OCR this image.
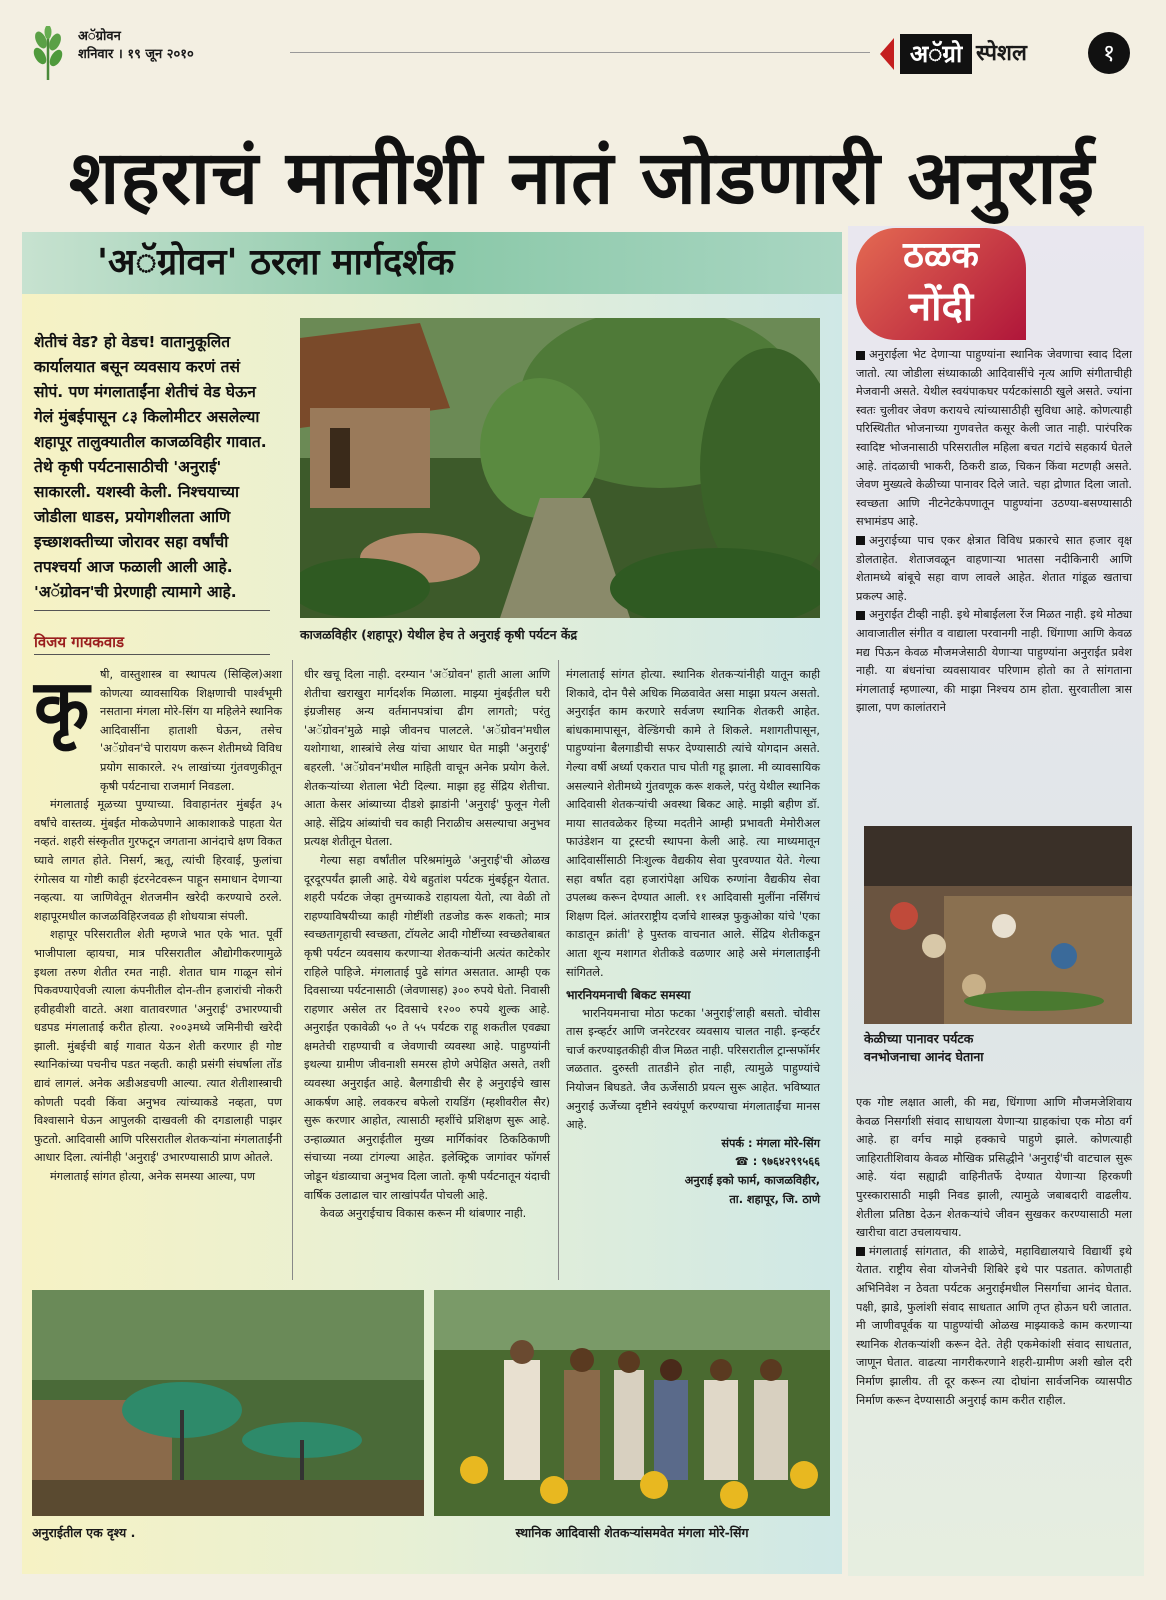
अॅग्रोवन
शनिवार । १९ जून २०१०	अॅग्रो स्पेशल	१
शहराचं मातीशी नातं जोडणारी अनुराई
'अॅग्रोवन' ठरला मार्गदर्शक	ठळक
नोंदी
शेतीचं वेड? हो वेडच! वातानुकूलित कार्यालयात बसून व्यवसाय करणं तसं सोपं. पण मंगलाताईंना शेतीचं वेड घेऊन गेलं मुंबईपासून ८३ किलोमीटर असलेल्या शहापूर तालुक्यातील काजळविहीर गावात. तेथे कृषी पर्यटनासाठीची 'अनुराई' साकारली. यशस्वी केली. निश्चयाच्या जोडीला धाडस, प्रयोगशीलता आणि इच्छाशक्तीच्या जोरावर सहा वर्षांची तपश्चर्या आज फळाली आली आहे. 'अॅग्रोवन'ची प्रेरणाही त्यामागे आहे.
काजळविहीर (शहापूर) येथील हेच ते अनुराई कृषी पर्यटन केंद्र
विजय गायकवाड
कृ षी, वास्तुशास्त्र वा स्थापत्य (सिव्हिल)अशा कोणत्या व्यावसायिक शिक्षणाची पार्श्वभूमी नसताना मंगला मोरे-सिंग या महिलेने स्थानिक आदिवासींना हाताशी घेऊन, तसेच 'अॅग्रोवन'चे पारायण करून शेतीमध्ये विविध प्रयोग साकारले. २५ लाखांच्या गुंतवणुकीतून कृषी पर्यटनाचा राजमार्ग निवडला.

मंगलाताई मूळच्या पुण्याच्या. विवाहानंतर मुंबईत ३५ वर्षांचे वास्तव्य. मुंबईत मोकळेपणाने आकाशाकडे पाहता येत नव्हतं. शहरी संस्कृतीत गुरफटून जगताना आनंदाचे क्षण विकत घ्यावे लागत होते. निसर्ग, ऋतू, त्यांची हिरवाई, फुलांचा रंगोत्सव या गोष्टी काही इंटरनेटवरून पाहून समाधान देणाऱ्या नव्हत्या. या जाणिवेतून शेतजमीन खरेदी करण्याचे ठरले. शहापूरमधील काजळविहिरजवळ ही शोधयात्रा संपली.

शहापूर परिसरातील शेती म्हणजे भात एके भात. पूर्वी भाजीपाला व्हायचा, मात्र परिसरातील औद्योगीकरणामुळे इथला तरुण शेतीत रमत नाही. शेतात घाम गाळून सोनं पिकवण्याऐवजी त्याला कंपनीतील दोन-तीन हजारांची नोकरी हवीहवीशी वाटते. अशा वातावरणात 'अनुराई' उभारण्याची धडपड मंगलाताई करीत होत्या. २००३मध्ये जमिनीची खरेदी झाली. मुंबईची बाई गावात येऊन शेती करणार ही गोष्ट स्थानिकांच्या पचनीच पडत नव्हती. काही प्रसंगी संघर्षाला तोंड द्यावं लागलं. अनेक अडीअडचणी आल्या. त्यात शेतीशास्त्राची कोणती पदवी किंवा अनुभव त्यांच्याकडे नव्हता, पण विश्वासाने घेऊन आपुलकी दाखवली की दगडालाही पाझर फुटतो. आदिवासी आणि परिसरातील शेतकऱ्यांना मंगलाताईंनी आधार दिला. त्यांनीही 'अनुराई' उभारण्यासाठी प्राण ओतले.

मंगलाताई सांगत होत्या, अनेक समस्या आल्या, पण

धीर खचू दिला नाही. दरम्यान 'अॅग्रोवन' हाती आला आणि शेतीचा खराखुरा मार्गदर्शक मिळाला. माझ्या मुंबईतील घरी इंग्रजीसह अन्य वर्तमानपत्रांचा ढीग लागतो; परंतु 'अॅग्रोवन'मुळे माझे जीवनच पालटले. 'अॅग्रोवन'मधील यशोगाथा, शास्त्रांचे लेख यांचा आधार घेत माझी 'अनुराई' बहरली. 'अॅग्रोवन'मधील माहिती वाचून अनेक प्रयोग केले. शेतकऱ्यांच्या शेताला भेटी दिल्या. माझा हट्ट सेंद्रिय शेतीचा. आता केसर आंब्याच्या दीडशे झाडांनी 'अनुराई' फुलून गेली आहे. सेंद्रिय आंब्यांची चव काही निराळीच असल्याचा अनुभव प्रत्यक्ष शेतीतून घेतला.

गेल्या सहा वर्षांतील परिश्रमांमुळे 'अनुराई'ची ओळख दूरदूरपर्यंत झाली आहे. येथे बहुतांश पर्यटक मुंबईहून येतात. शहरी पर्यटक जेव्हा तुमच्याकडे राहायला येतो, त्या वेळी तो राहण्याविषयीच्या काही गोष्टींशी तडजोड करू शकतो; मात्र स्वच्छतागृहाची स्वच्छता, टॉयलेट आदी गोष्टींच्या स्वच्छतेबाबत कृषी पर्यटन व्यवसाय करणाऱ्या शेतकऱ्यांनी अत्यंत काटेकोर राहिले पाहिजे. मंगलाताई पुढे सांगत असतात. आम्ही एक दिवसाच्या पर्यटनासाठी (जेवणासह) ३०० रुपये घेतो. निवासी राहणार असेल तर दिवसाचे १२०० रुपये शुल्क आहे. अनुराईत एकावेळी ५० ते ५५ पर्यटक राहू शकतील एवढ्या क्षमतेची राहण्याची व जेवणाची व्यवस्था आहे. पाहुण्यांनी इथल्या ग्रामीण जीवनाशी समरस होणे अपेक्षित असते, तशी व्यवस्था अनुराईत आहे. बैलगाडीची सैर हे अनुराईचे खास आकर्षण आहे. लवकरच बफेलो रायडिंग (म्हशीवरील सैर) सुरू करणार आहोत, त्यासाठी म्हशींचे प्रशिक्षण सुरू आहे. उन्हाळ्यात अनुराईतील मुख्य मार्गिकांवर ठिकठिकाणी संचाच्या नव्या टांगल्या आहेत. इलेक्ट्रिक जागांवर फॉगर्स जोडून थंडाव्याचा अनुभव दिला जातो. कृषी पर्यटनातून यंदाची वार्षिक उलाढाल चार लाखांपर्यंत पोचली आहे.

केवळ अनुराईचाच विकास करून मी थांबणार नाही.

मंगलाताई सांगत होत्या. स्थानिक शेतकऱ्यांनीही यातून काही शिकावे, दोन पैसे अधिक मिळवावेत असा माझा प्रयत्न असतो. अनुराईत काम करणारे सर्वजण स्थानिक शेतकरी आहेत. बांधकामापासून, वेल्डिंगची कामे ते शिकले. मशागतीपासून, पाहुण्यांना बैलगाडीची सफर देण्यासाठी त्यांचे योगदान असते. गेल्या वर्षी अर्ध्या एकरात पाच पोती गहू झाला. मी व्यावसायिक असल्याने शेतीमध्ये गुंतवणूक करू शकले, परंतु येथील स्थानिक आदिवासी शेतकऱ्यांची अवस्था बिकट आहे. माझी बहीण डॉ. माया सातवळेकर हिच्या मदतीने आम्ही प्रभावती मेमोरीअल फाउंडेशन या ट्रस्टची स्थापना केली आहे. त्या माध्यमातून आदिवासींसाठी निःशुल्क वैद्यकीय सेवा पुरवण्यात येते. गेल्या सहा वर्षांत दहा हजारांपेक्षा अधिक रुग्णांना वैद्यकीय सेवा उपलब्ध करून देण्यात आली. ११ आदिवासी मुलींना नर्सिंगचं शिक्षण दिलं. आंतरराष्ट्रीय दर्जाचे शास्त्रज्ञ फुकुओका यांचे 'एका काडातून क्रांती' हे पुस्तक वाचनात आले. सेंद्रिय शेतीकडून आता शून्य मशागत शेतीकडे वळणार आहे असे मंगलाताईंनी सांगितले.

भारनियमनाची बिकट समस्या

भारनियमनाचा मोठा फटका 'अनुराई'लाही बसतो. चोवीस तास इन्व्हर्टर आणि जनरेटरवर व्यवसाय चालत नाही. इन्व्हर्टर चार्ज करण्याइतकीही वीज मिळत नाही. परिसरातील ट्रान्सफॉर्मर जळतात. दुरुस्ती तातडीने होत नाही, त्यामुळे पाहुण्यांचे नियोजन बिघडते. जैव ऊर्जेसाठी प्रयत्न सुरू आहेत. भविष्यात अनुराई ऊर्जेच्या दृष्टीने स्वयंपूर्ण करण्याचा मंगलाताईंचा मानस आहे.

संपर्क : मंगला मोरे-सिंग
☎ : ९७६४२९९५६६
अनुराई इको फार्म, काजळविहीर,
ता. शहापूर, जि. ठाणे

अनुराईला भेट देणाऱ्या पाहुण्यांना स्थानिक जेवणाचा स्वाद दिला जातो. त्या जोडीला संध्याकाळी आदिवासींचे नृत्य आणि संगीताचीही मेजवानी असते. येथील स्वयंपाकघर पर्यटकांसाठी खुले असते. ज्यांना स्वतः चुलीवर जेवण करायचे त्यांच्यासाठीही सुविधा आहे. कोणत्याही परिस्थितीत भोजनाच्या गुणवत्तेत कसूर केली जात नाही. पारंपरिक स्वादिष्ट भोजनासाठी परिसरातील महिला बचत गटांचे सहकार्य घेतले आहे. तांदळाची भाकरी, ठिकरी डाळ, चिकन किंवा मटणही असते. जेवण मुख्यत्वे केळीच्या पानावर दिले जाते. चहा द्रोणात दिला जातो. स्वच्छता आणि नीटनेटकेपणातून पाहुण्यांना उठण्या-बसण्यासाठी सभामंडप आहे.

अनुराईच्या पाच एकर क्षेत्रात विविध प्रकारचे सात हजार वृक्ष डोलताहेत. शेताजवळून वाहणाऱ्या भातसा नदीकिनारी आणि शेतामध्ये बांबूचे सहा वाण लावले आहेत. शेतात गांडूळ खताचा प्रकल्प आहे.

अनुराईत टीव्ही नाही. इथे मोबाईलला रेंज मिळत नाही. इथे मोठ्या आवाजातील संगीत व वाद्याला परवानगी नाही. धिंगाणा आणि केवळ मद्य पिऊन केवळ मौजमजेसाठी येणाऱ्या पाहुण्यांना अनुराईत प्रवेश नाही. या बंधनांचा व्यवसायावर परिणाम होतो का ते सांगताना मंगलाताई म्हणाल्या, की माझा निश्चय ठाम होता. सुरवातीला त्रास झाला, पण कालांतराने

केळीच्या पानावर पर्यटक
वनभोजनाचा आनंद घेताना

एक गोष्ट लक्षात आली, की मद्य, धिंगाणा आणि मौजमजेशिवाय केवळ निसर्गाशी संवाद साधायला येणाऱ्या ग्राहकांचा एक मोठा वर्ग आहे. हा वर्गच माझे हक्काचे पाहुणे झाले. कोणत्याही जाहिरातीशिवाय केवळ मौखिक प्रसिद्धीने 'अनुराई'ची वाटचाल सुरू आहे. यंदा सह्याद्री वाहिनीतर्फे देण्यात येणाऱ्या हिरकणी पुरस्कारासाठी माझी निवड झाली, त्यामुळे जबाबदारी वाढलीय. शेतीला प्रतिष्ठा देऊन शेतकऱ्यांचे जीवन सुखकर करण्यासाठी मला खारीचा वाटा उचलायचाय.

मंगलाताई सांगतात, की शाळेचे, महाविद्यालयाचे विद्यार्थी इथे येतात. राष्ट्रीय सेवा योजनेची शिबिरे इथे पार पडतात. कोणताही अभिनिवेश न ठेवता पर्यटक अनुराईमधील निसर्गाचा आनंद घेतात. पक्षी, झाडे, फुलांशी संवाद साधतात आणि तृप्त होऊन घरी जातात. मी जाणीवपूर्वक या पाहुण्यांची ओळख माझ्याकडे काम करणाऱ्या स्थानिक शेतकऱ्यांशी करून देते. तेही एकमेकांशी संवाद साधतात, जाणून घेतात. वाढत्या नागरीकरणाने शहरी-ग्रामीण अशी खोल दरी निर्माण झालीय. ती दूर करून त्या दोघांना सार्वजनिक व्यासपीठ निर्माण करून देण्यासाठी अनुराई काम करीत राहील.

अनुराईतील एक दृश्य .	स्थानिक आदिवासी शेतकऱ्यांसमवेत मंगला मोरे-सिंग
